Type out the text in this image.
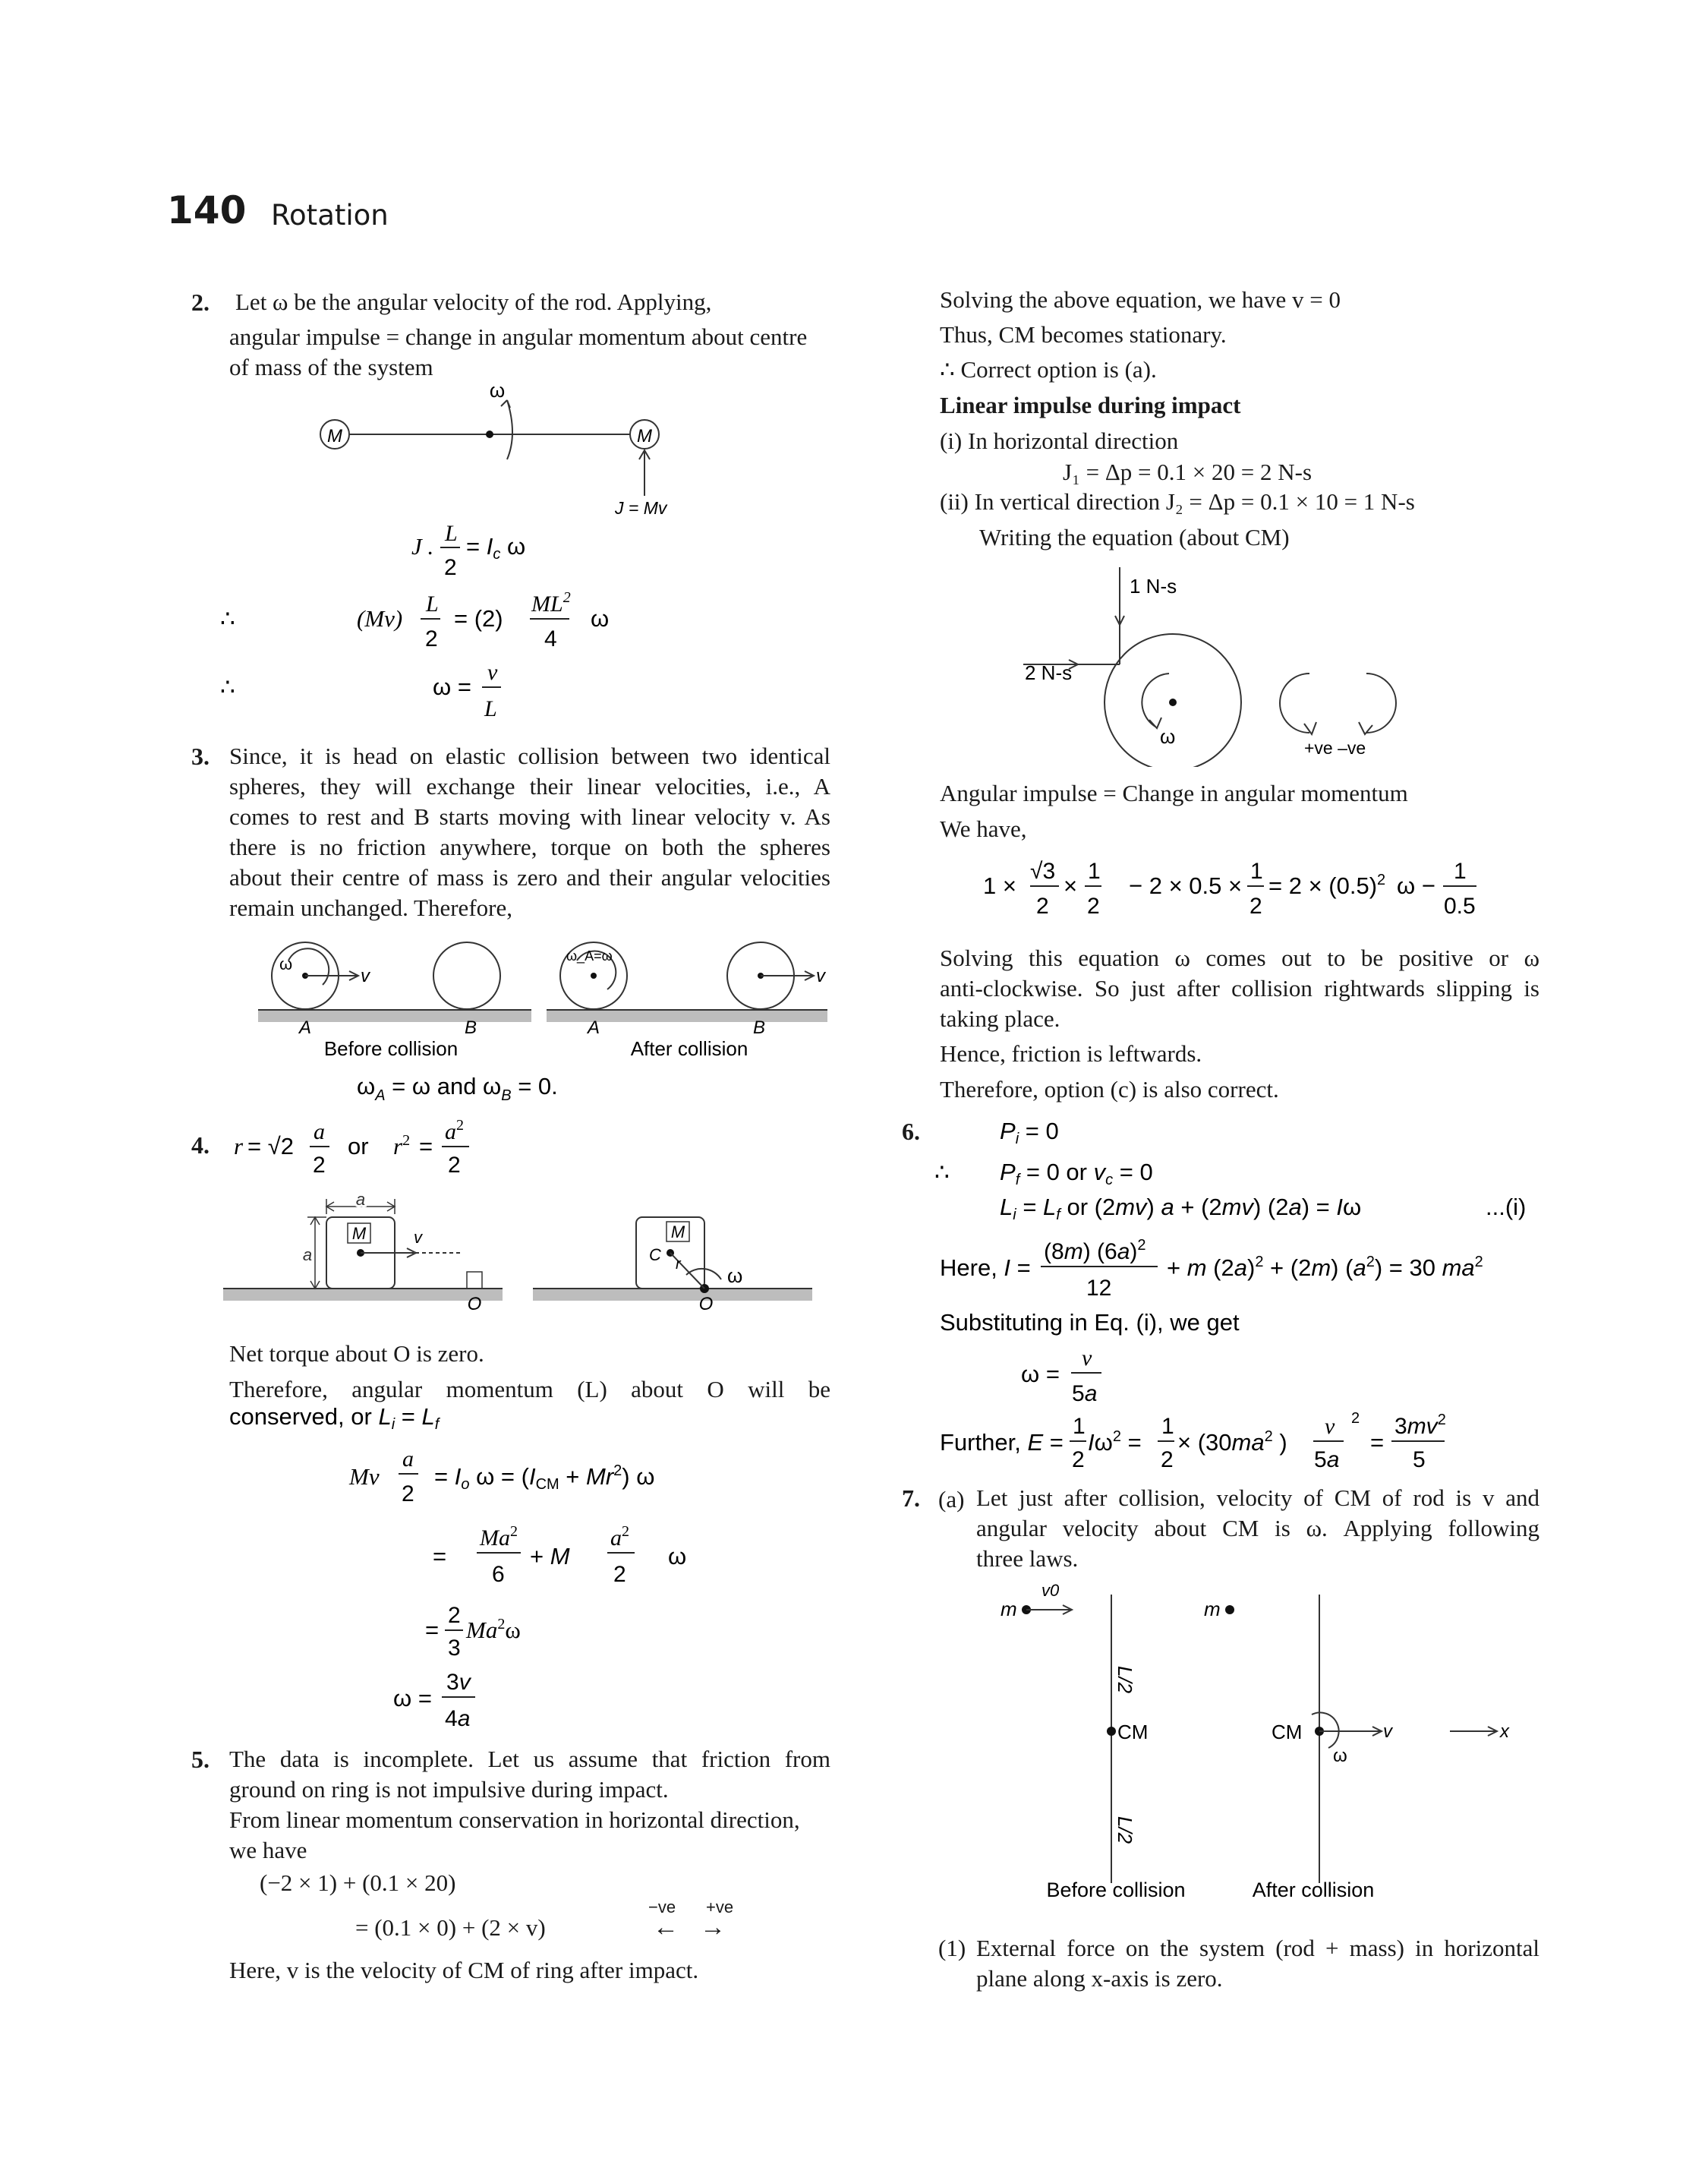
140 Rotation
2. Let ω be the angular velocity of the rod. Applying,
angular impulse = change in angular momentum about centre
of mass of the system
M	M
ω
J = Mv
J . L
2
= Ic ω
∴	(Mv)
L
2
= (2)
$ML^2$
4
ω
∴	ω =
v
L
3. Since, it is head on elastic collision between two identical
spheres, they will exchange their linear velocities, i.e., A
comes to rest and B starts moving with linear velocity v. As
there is no friction anywhere, torque on both the spheres
about their centre of mass is zero and their angular velocities
remain unchanged. Therefore,
v
ω
A	B
Before collision
ω_A=ω
v
A	B
After collision
$\omega_A = \omega$ and $\omega_B = 0$.
4. r = √2
a
2
or $r^2$ =
$a^2$
2
M	v
a
a
O
M
C r ω
O
Net torque about O is zero.
Therefore, angular momentum (L) about O will be
conserved, or Li = Lf
Mv
a
2
= Io $\omega = (ICM + Mr^2)$ ω
=
$Ma^2$
6
+ M
$a^2$
2
ω
=
2
3
Ma$^2$ω
ω =
3v
4a
5. The data is incomplete. Let us assume that friction from
ground on ring is not impulsive during impact.
From linear momentum conservation in horizontal direction,
we have
(−2 × 1) + (0.1 × 20)
= (0.1 × 0) + (2 × v)
−ve +ve
← →
Here, v is the velocity of CM of ring after impact.
Solving the above equation, we have v = 0
Thus, CM becomes stationary.
∴ Correct option is (a).
Linear impulse during impact
(i) In horizontal direction
J₁ = Δp = 0.1 × 20 = 2 N-s
(ii) In vertical direction J₂ = Δp = 0.1 × 10 = 1 N-s
Writing the equation (about CM)
1 N-s
2 N-s
ω	+ve –ve
Angular impulse = Change in angular momentum
We have,
1 ×
√3
2
×
1
2
− 2 × 0.5 ×
1
2
= $2 \times (0.5)^2$ ω −
1
0.5
Solving this equation ω comes out to be positive or ω
anti-clockwise. So just after collision rightwards slipping is
taking place.
Hence, friction is leftwards.
Therefore, option (c) is also correct.
6.	Pi = 0
∴ Pf = 0 or vc = 0
Li = Lf or (2mv) a + (2mv) (2a) = Iω	...(i)
Here, I =
(8m) $(6a)^2$
12
+ m $(2a)^2 + (2m) (a^2) = 30$ $ma^2$
Substituting in Eq. (i), we get
ω =
v
5a
Further, E =
1
2
$I\omega^2$ =
1
2
× ($30ma^2$ )
v
5a
2
=
$3mv^2$
5
7. (a) Let just after collision, velocity of CM of rod is v and
angular velocity about CM is ω. Applying following
three laws.
m
v0
CM
L/2
L/2
Before collision
m
CM	v
ω
x
After collision
(1) External force on the system (rod + mass) in horizontal
plane along x-axis is zero.
